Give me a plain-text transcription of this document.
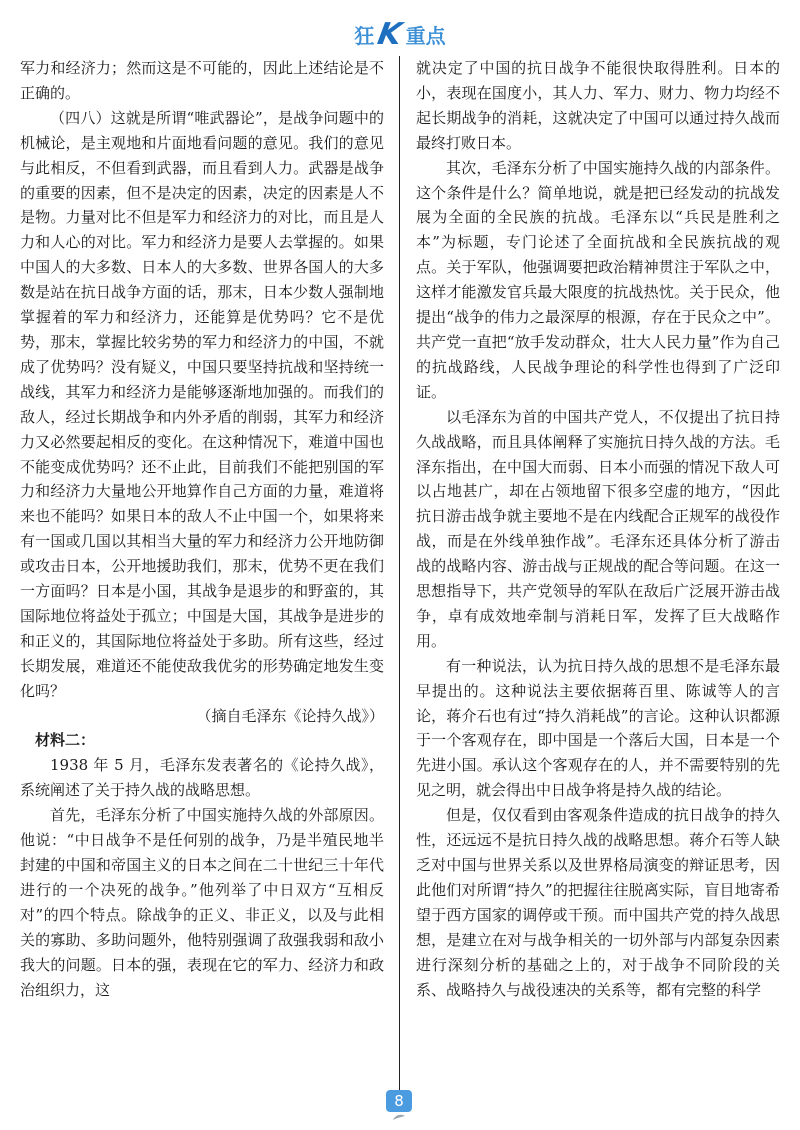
狂 K 重点

军力和经济力；然而这是不可能的，因此上述结论是不正确的。

（四八）这就是所谓“唯武器论”，是战争问题中的机械论，是主观地和片面地看问题的意见。我们的意见与此相反，不但看到武器，而且看到人力。武器是战争的重要的因素，但不是决定的因素，决定的因素是人不是物。力量对比不但是军力和经济力的对比，而且是人力和人心的对比。军力和经济力是要人去掌握的。如果中国人的大多数、日本人的大多数、世界各国人的大多数是站在抗日战争方面的话，那末，日本少数人强制地掌握着的军力和经济力，还能算是优势吗？它不是优势，那末，掌握比较劣势的军力和经济力的中国，不就成了优势吗？没有疑义，中国只要坚持抗战和坚持统一战线，其军力和经济力是能够逐渐地加强的。而我们的敌人，经过长期战争和内外矛盾的削弱，其军力和经济力又必然要起相反的变化。在这种情况下，难道中国也不能变成优势吗？还不止此，目前我们不能把别国的军力和经济力大量地公开地算作自己方面的力量，难道将来也不能吗？如果日本的敌人不止中国一个，如果将来有一国或几国以其相当大量的军力和经济力公开地防御或攻击日本，公开地援助我们，那末，优势不更在我们一方面吗？日本是小国，其战争是退步的和野蛮的，其国际地位将益处于孤立；中国是大国，其战争是进步的和正义的，其国际地位将益处于多助。所有这些，经过长期发展，难道还不能使敌我优劣的形势确定地发生变化吗？

（摘自毛泽东《论持久战》）

材料二：

1938 年 5 月，毛泽东发表著名的《论持久战》，系统阐述了关于持久战的战略思想。

首先，毛泽东分析了中国实施持久战的外部原因。他说：“中日战争不是任何别的战争，乃是半殖民地半封建的中国和帝国主义的日本之间在二十世纪三十年代进行的一个决死的战争。”他列举了中日双方“互相反对”的四个特点。除战争的正义、非正义，以及与此相关的寡助、多助问题外，他特别强调了敌强我弱和敌小我大的问题。日本的强，表现在它的军力、经济力和政治组织力，这

就决定了中国的抗日战争不能很快取得胜利。日本的小，表现在国度小，其人力、军力、财力、物力均经不起长期战争的消耗，这就决定了中国可以通过持久战而最终打败日本。

其次，毛泽东分析了中国实施持久战的内部条件。这个条件是什么？简单地说，就是把已经发动的抗战发展为全面的全民族的抗战。毛泽东以“兵民是胜利之本”为标题，专门论述了全面抗战和全民族抗战的观点。关于军队，他强调要把政治精神贯注于军队之中，这样才能激发官兵最大限度的抗战热忱。关于民众，他提出“战争的伟力之最深厚的根源，存在于民众之中”。共产党一直把“放手发动群众，壮大人民力量”作为自己的抗战路线，人民战争理论的科学性也得到了广泛印证。

以毛泽东为首的中国共产党人，不仅提出了抗日持久战战略，而且具体阐释了实施抗日持久战的方法。毛泽东指出，在中国大而弱、日本小而强的情况下敌人可以占地甚广，却在占领地留下很多空虚的地方，“因此抗日游击战争就主要地不是在内线配合正规军的战役作战，而是在外线单独作战”。毛泽东还具体分析了游击战的战略内容、游击战与正规战的配合等问题。在这一思想指导下，共产党领导的军队在敌后广泛展开游击战争，卓有成效地牵制与消耗日军，发挥了巨大战略作用。

有一种说法，认为抗日持久战的思想不是毛泽东最早提出的。这种说法主要依据蒋百里、陈诚等人的言论，蒋介石也有过“持久消耗战”的言论。这种认识都源于一个客观存在，即中国是一个落后大国，日本是一个先进小国。承认这个客观存在的人，并不需要特别的先见之明，就会得出中日战争将是持久战的结论。

但是，仅仅看到由客观条件造成的抗日战争的持久性，还远远不是抗日持久战的战略思想。蒋介石等人缺乏对中国与世界关系以及世界格局演变的辩证思考，因此他们对所谓“持久”的把握往往脱离实际，盲目地寄希望于西方国家的调停或干预。而中国共产党的持久战思想，是建立在对与战争相关的一切外部与内部复杂因素进行深刻分析的基础之上的，对于战争不同阶段的关系、战略持久与战役速决的关系等，都有完整的科学

8
